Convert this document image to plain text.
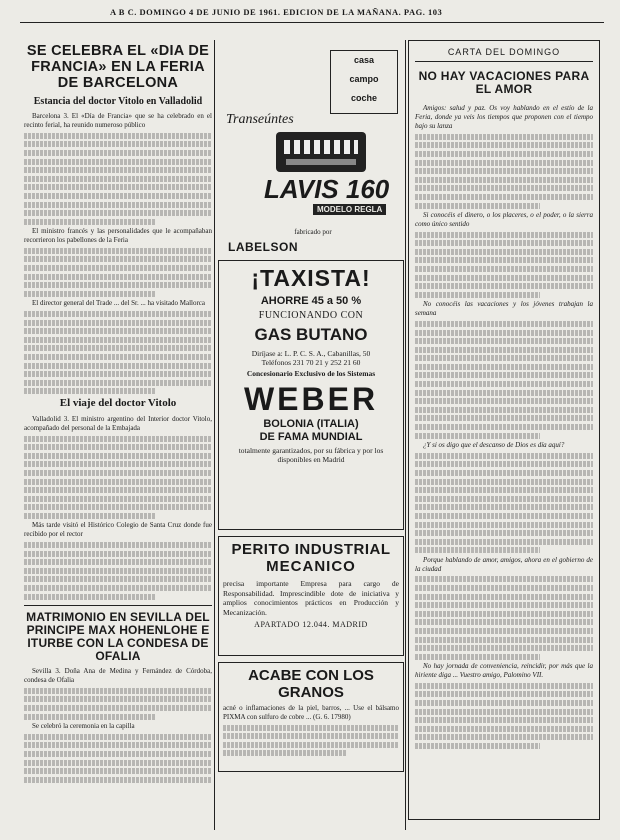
A B C. DOMINGO 4 DE JUNIO DE 1961. EDICION DE LA MAÑANA. PAG. 103
SE CELEBRA EL «DIA DE FRANCIA» EN LA FERIA DE BARCELONA
Estancia del doctor Vitolo en Valladolid

Barcelona 3. El «Día de Francia» que se ha celebrado en el recinto ferial, ha reunido numeroso público

El ministro francés y las personalidades que le acompañaban recorrieron los pabellones de la Feria

El director general del Trade ... del Sr. ... ha visitado Mallorca

El viaje del doctor Vitolo

Valladolid 3. El ministro argentino del Interior doctor Vitolo, acompañado del personal de la Embajada

Más tarde visitó el Histórico Colegio de Santa Cruz donde fue recibido por el rector

MATRIMONIO EN SEVILLA DEL PRINCIPE MAX HOHENLOHE E ITURBE CON LA CONDESA DE OFALIA

Sevilla 3. Doña Ana de Medina y Fernández de Córdoba, condesa de Ofalia

Se celebró la ceremonia en la capilla

Transeúntes
casa
campo
coche
LAVIS 160
MODELO REGLA
fabricado por
LABELSON
¡TAXISTA!
AHORRE 45 a 50 %
FUNCIONANDO CON
GAS BUTANO
Diríjase a: L. P. C. S. A., Cabanillas, 50
Teléfonos 231 70 21 y 252 21 60
Concesionario Exclusivo de los Sistemas
WEBER
BOLONIA (ITALIA)
DE FAMA MUNDIAL
totalmente garantizados, por su fábrica y por los disponibles en Madrid
PERITO INDUSTRIAL
MECANICO

precisa importante Empresa para cargo de Responsabilidad. Imprescindible dote de iniciativa y amplios conocimientos prácticos en Producción y Mecanización.

APARTADO 12.044. MADRID
ACABE CON LOS GRANOS

acné o inflamaciones de la piel, barros, ... Use el bálsamo PIXMA con sulfuro de cobre ... (G. 6. 17980)

CARTA DEL DOMINGO
NO HAY VACACIONES PARA EL AMOR

Amigos: salud y paz. Os voy hablando en el estío de la Feria, donde ya veis los tiempos que proponen con el tiempo bajo su lanza

Si conocéis el dinero, o los placeres, o el poder, o la sierra como único sentido

No conocéis las vacaciones y los jóvenes trabajan la semana

¿Y si os digo que el descanso de Dios es día aquí?

Porque hablando de amor, amigos, ahora en el gobierno de la ciudad

No hay jornada de conveniencia, reincidir, por más que la hiriente diga ... Vuestro amigo, Palomino VII.
